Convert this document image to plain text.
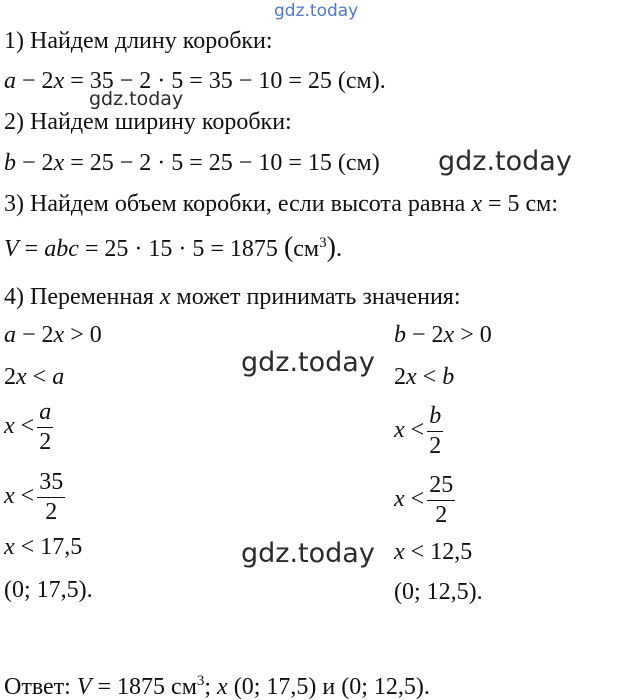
gdz.today
gdz.today
gdz.today
gdz.today
gdz.today
1) Найдем длину коробки:
a − 2x = 35 − 2 · 5 = 35 − 10 = 25 (см).
2) Найдем ширину коробки:
b − 2x = 25 − 2 · 5 = 25 − 10 = 15 (см)
3) Найдем объем коробки, если высота равна x = 5 см:
V = abc = 25 · 15 · 5 = 1875 $(см^3)$.
4) Переменная x может принимать значения:
a − 2x > 0
2x < a
$x < \frac{a}{2}$
$x < \frac{35}{2}$
x < 17,5
(0; 17,5).
b − 2x > 0
2x < b
$x < \frac{b}{2}$
$x < \frac{25}{2}$
x < 12,5
(0; 12,5).
Ответ: V = 1875 $см^3$; x (0; 17,5) и (0; 12,5).
